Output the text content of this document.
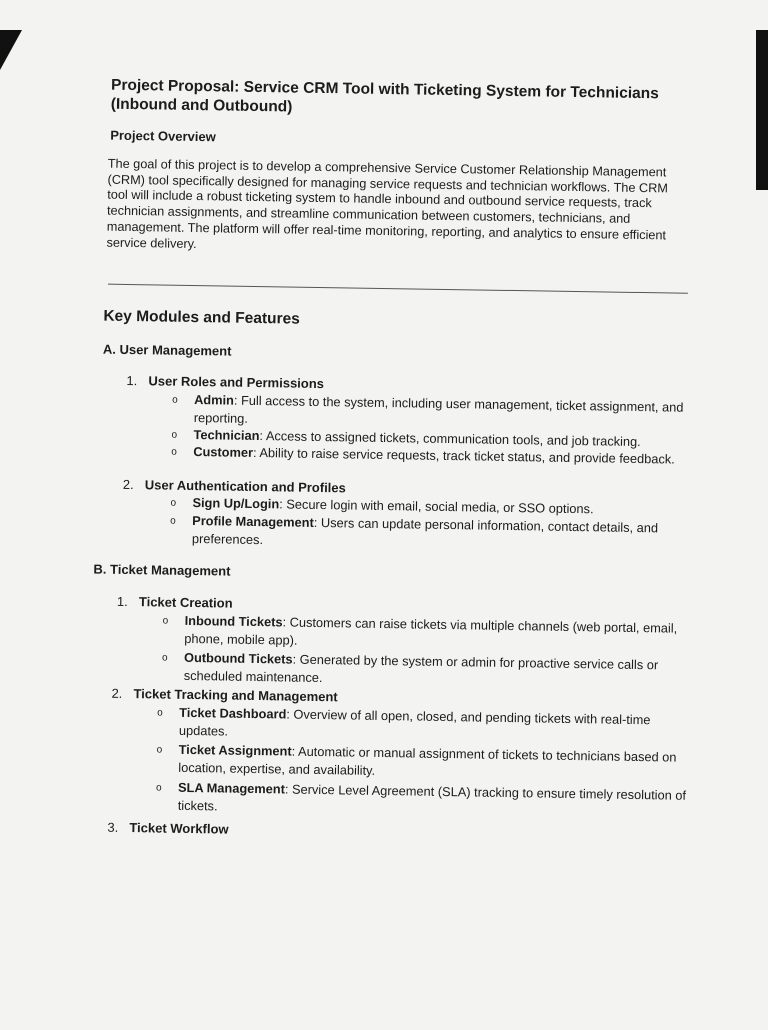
Project Proposal: Service CRM Tool with Ticketing System for Technicians (Inbound and Outbound)
Project Overview
The goal of this project is to develop a comprehensive Service Customer Relationship Management (CRM) tool specifically designed for managing service requests and technician workflows. The CRM tool will include a robust ticketing system to handle inbound and outbound service requests, track technician assignments, and streamline communication between customers, technicians, and management. The platform will offer real-time monitoring, reporting, and analytics to ensure efficient service delivery.
Key Modules and Features
A. User Management
1. User Roles and Permissions
o	Admin: Full access to the system, including user management, ticket assignment, and reporting.
o	Technician: Access to assigned tickets, communication tools, and job tracking.
o	Customer: Ability to raise service requests, track ticket status, and provide feedback.
2. User Authentication and Profiles
o	Sign Up/Login: Secure login with email, social media, or SSO options.
o	Profile Management: Users can update personal information, contact details, and preferences.
B. Ticket Management
1. Ticket Creation
o	Inbound Tickets: Customers can raise tickets via multiple channels (web portal, email, phone, mobile app).
o	Outbound Tickets: Generated by the system or admin for proactive service calls or scheduled maintenance.
2. Ticket Tracking and Management
o	Ticket Dashboard: Overview of all open, closed, and pending tickets with real-time updates.
o	Ticket Assignment: Automatic or manual assignment of tickets to technicians based on location, expertise, and availability.
o	SLA Management: Service Level Agreement (SLA) tracking to ensure timely resolution of tickets.
3. Ticket Workflow
